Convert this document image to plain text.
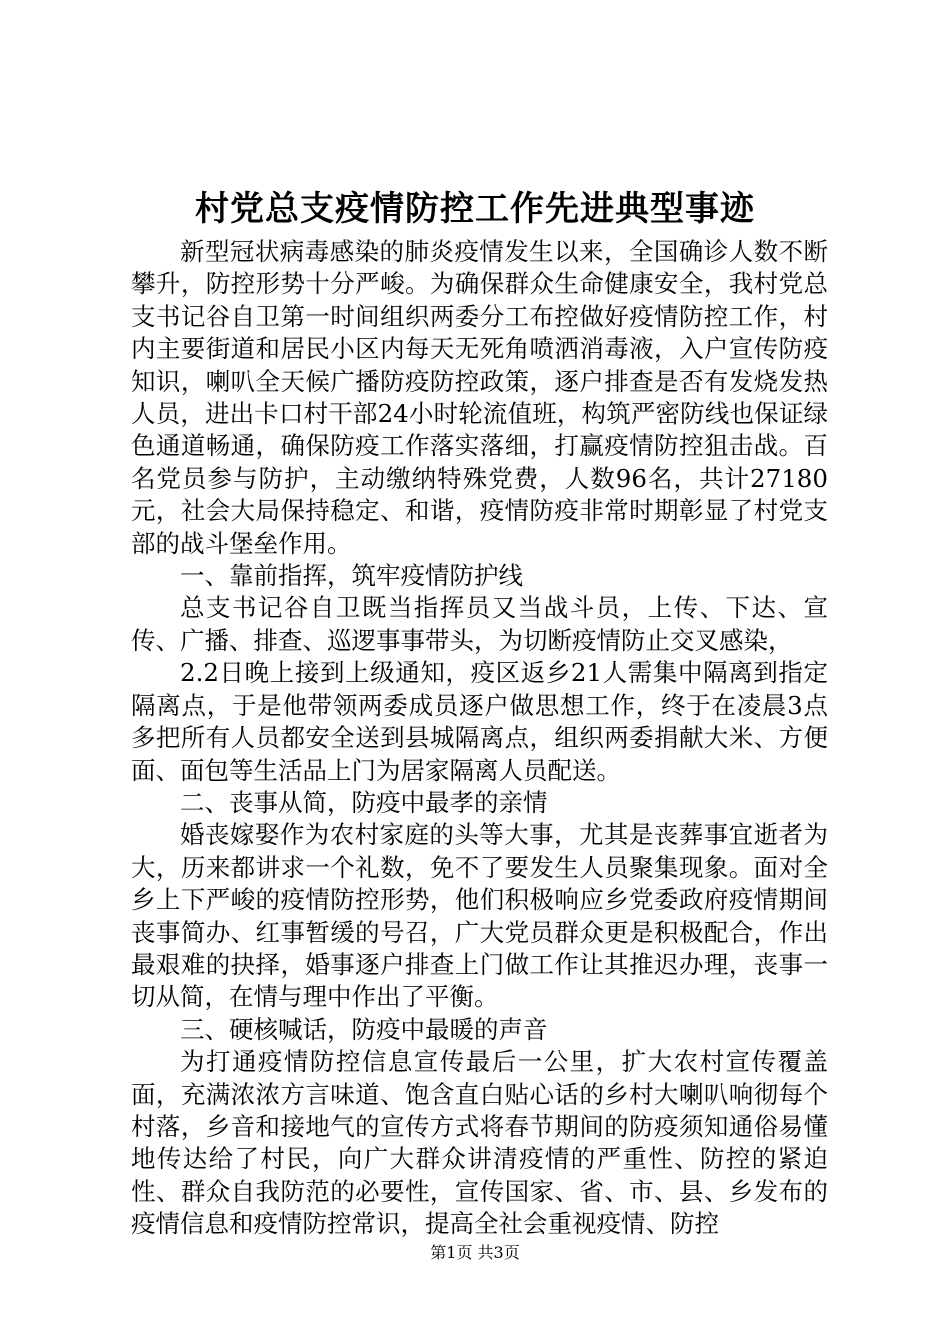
村党总支疫情防控工作先进典型事迹

新型冠状病毒感染的肺炎疫情发生以来，全国确诊人数不断攀升，防控形势十分严峻。为确保群众生命健康安全，我村党总支书记谷自卫第一时间组织两委分工布控做好疫情防控工作，村内主要街道和居民小区内每天无死角喷洒消毒液，入户宣传防疫知识，喇叭全天候广播防疫防控政策，逐户排查是否有发烧发热人员，进出卡口村干部24小时轮流值班，构筑严密防线也保证绿色通道畅通，确保防疫工作落实落细，打赢疫情防控狙击战。百名党员参与防护，主动缴纳特殊党费，人数96名，共计27180元，社会大局保持稳定、和谐，疫情防疫非常时期彰显了村党支部的战斗堡垒作用。

一、靠前指挥，筑牢疫情防护线

总支书记谷自卫既当指挥员又当战斗员，上传、下达、宣传、广播、排查、巡逻事事带头，为切断疫情防止交叉感染，

2.2日晚上接到上级通知，疫区返乡21人需集中隔离到指定隔离点，于是他带领两委成员逐户做思想工作，终于在凌晨3点多把所有人员都安全送到县城隔离点，组织两委捐献大米、方便面、面包等生活品上门为居家隔离人员配送。

二、丧事从简，防疫中最孝的亲情

婚丧嫁娶作为农村家庭的头等大事，尤其是丧葬事宜逝者为大，历来都讲求一个礼数，免不了要发生人员聚集现象。面对全乡上下严峻的疫情防控形势，他们积极响应乡党委政府疫情期间丧事简办、红事暂缓的号召，广大党员群众更是积极配合，作出最艰难的抉择，婚事逐户排查上门做工作让其推迟办理，丧事一切从简，在情与理中作出了平衡。

三、硬核喊话，防疫中最暖的声音

为打通疫情防控信息宣传最后一公里，扩大农村宣传覆盖面，充满浓浓方言味道、饱含直白贴心话的乡村大喇叭响彻每个村落，乡音和接地气的宣传方式将春节期间的防疫须知通俗易懂地传达给了村民，向广大群众讲清疫情的严重性、防控的紧迫性、群众自我防范的必要性，宣传国家、省、市、县、乡发布的疫情信息和疫情防控常识，提高全社会重视疫情、防控

第1页 共3页
